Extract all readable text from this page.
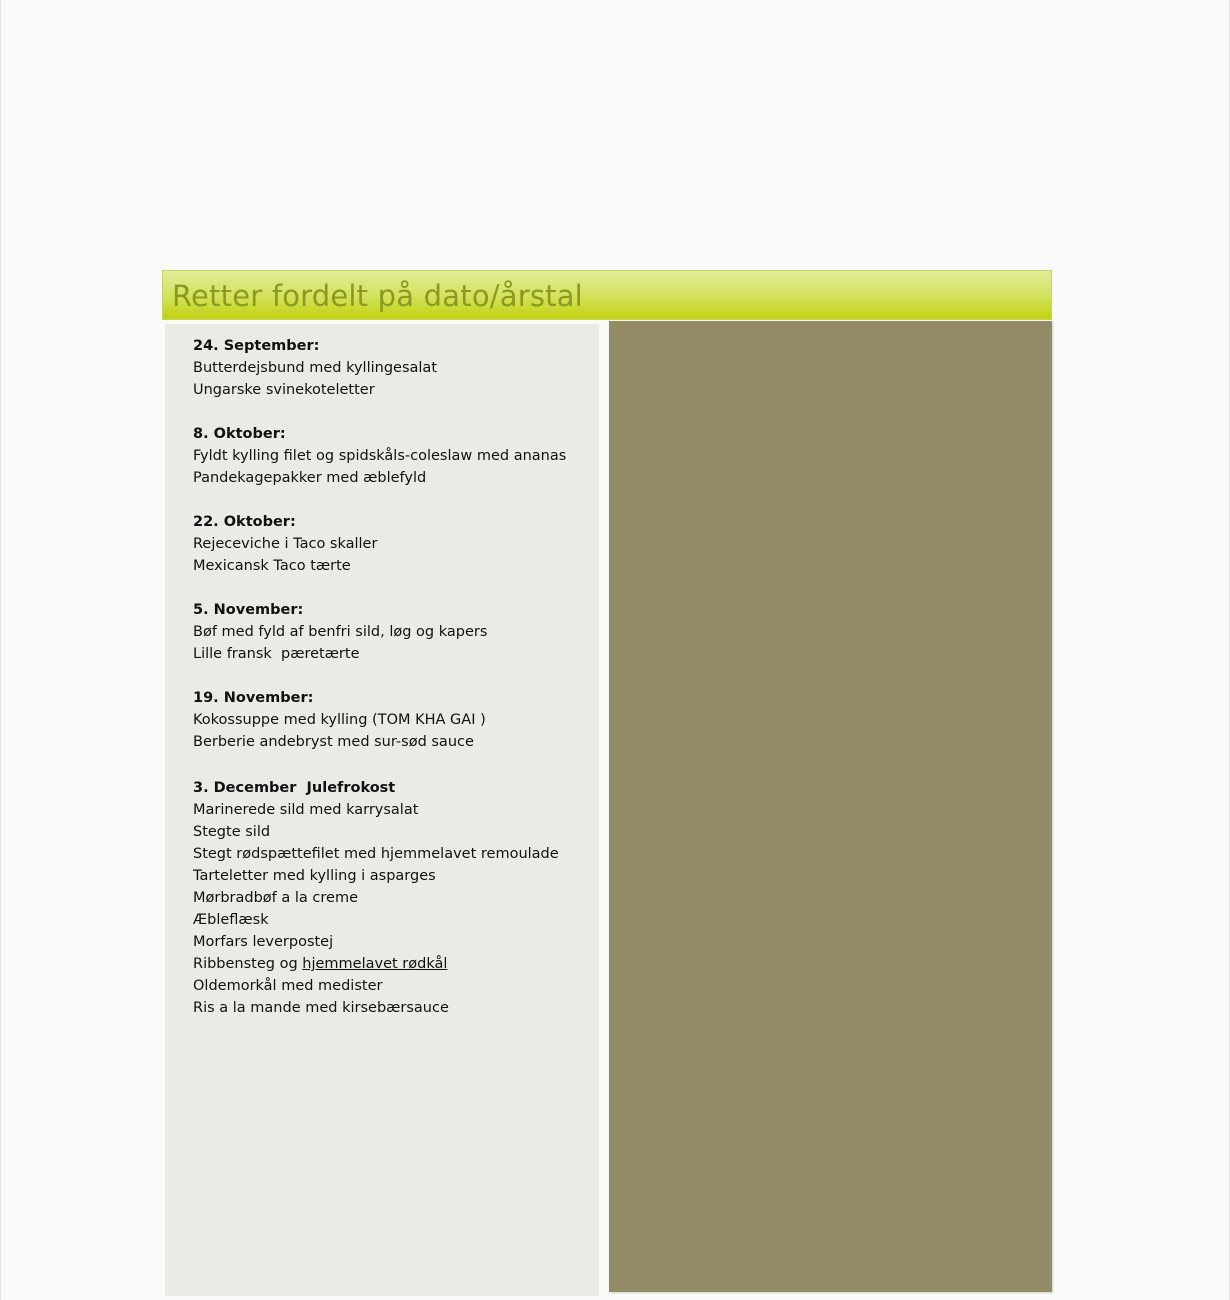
Retter fordelt på dato/årstal
24. September:
Butterdejsbund med kyllingesalat
Ungarske svinekoteletter
8. Oktober:
Fyldt kylling filet og spidskåls-coleslaw med ananas
Pandekagepakker med æblefyld
22. Oktober:
Rejeceviche i Taco skaller
Mexicansk Taco tærte
5. November:
Bøf med fyld af benfri sild, løg og kapers
Lille fransk  pæretærte
19. November:
Kokossuppe med kylling (TOM KHA GAI )
Berberie andebryst med sur-sød sauce
3. December  Julefrokost
Marinerede sild med karrysalat
Stegte sild
Stegt rødspættefilet med hjemmelavet remoulade
Tarteletter med kylling i asparges
Mørbradbøf a la creme
Æbleflæsk
Morfars leverpostej
Ribbensteg og hjemmelavet rødkål
Oldemorkål med medister
Ris a la mande med kirsebærsauce
